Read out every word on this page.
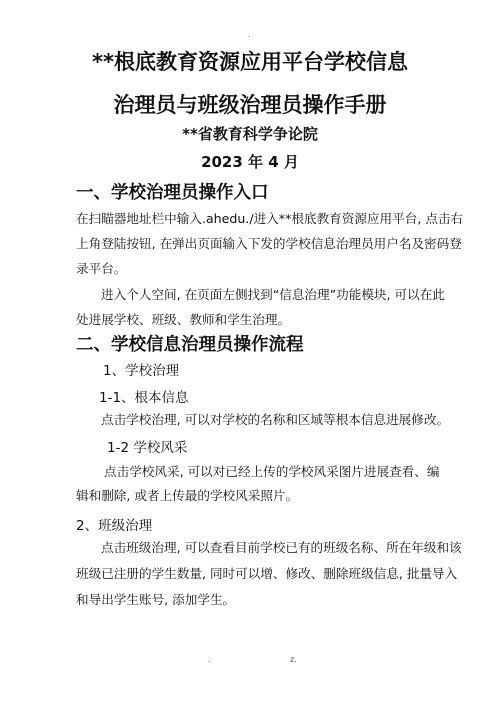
.
**根底教育资源应用平台学校信息
治理员与班级治理员操作手册
**省教育科学争论院
2023 年 4 月
一、学校治理员操作入口
在扫瞄器地址栏中输入.ahedu./进入**根底教育资源应用平台, 点击右
上角登陆按钮, 在弹出页面输入下发的学校信息治理员用户名及密码登
录平台。
进入个人空间, 在页面左侧找到“信息治理”功能模块, 可以在此
处进展学校、班级、教师和学生治理。
二、学校信息治理员操作流程
1、学校治理
1-1、根本信息
点击学校治理, 可以对学校的名称和区域等根本信息进展修改。
1-2 学校风采
点击学校风采, 可以对已经上传的学校风采图片进展查看、编
辑和删除, 或者上传最的学校风采照片。
2、班级治理
点击班级治理, 可以查看目前学校已有的班级名称、所在年级和该
班级已注册的学生数量, 同时可以增、修改、删除班级信息, 批量导入
和导出学生账号, 添加学生。
.	z.
